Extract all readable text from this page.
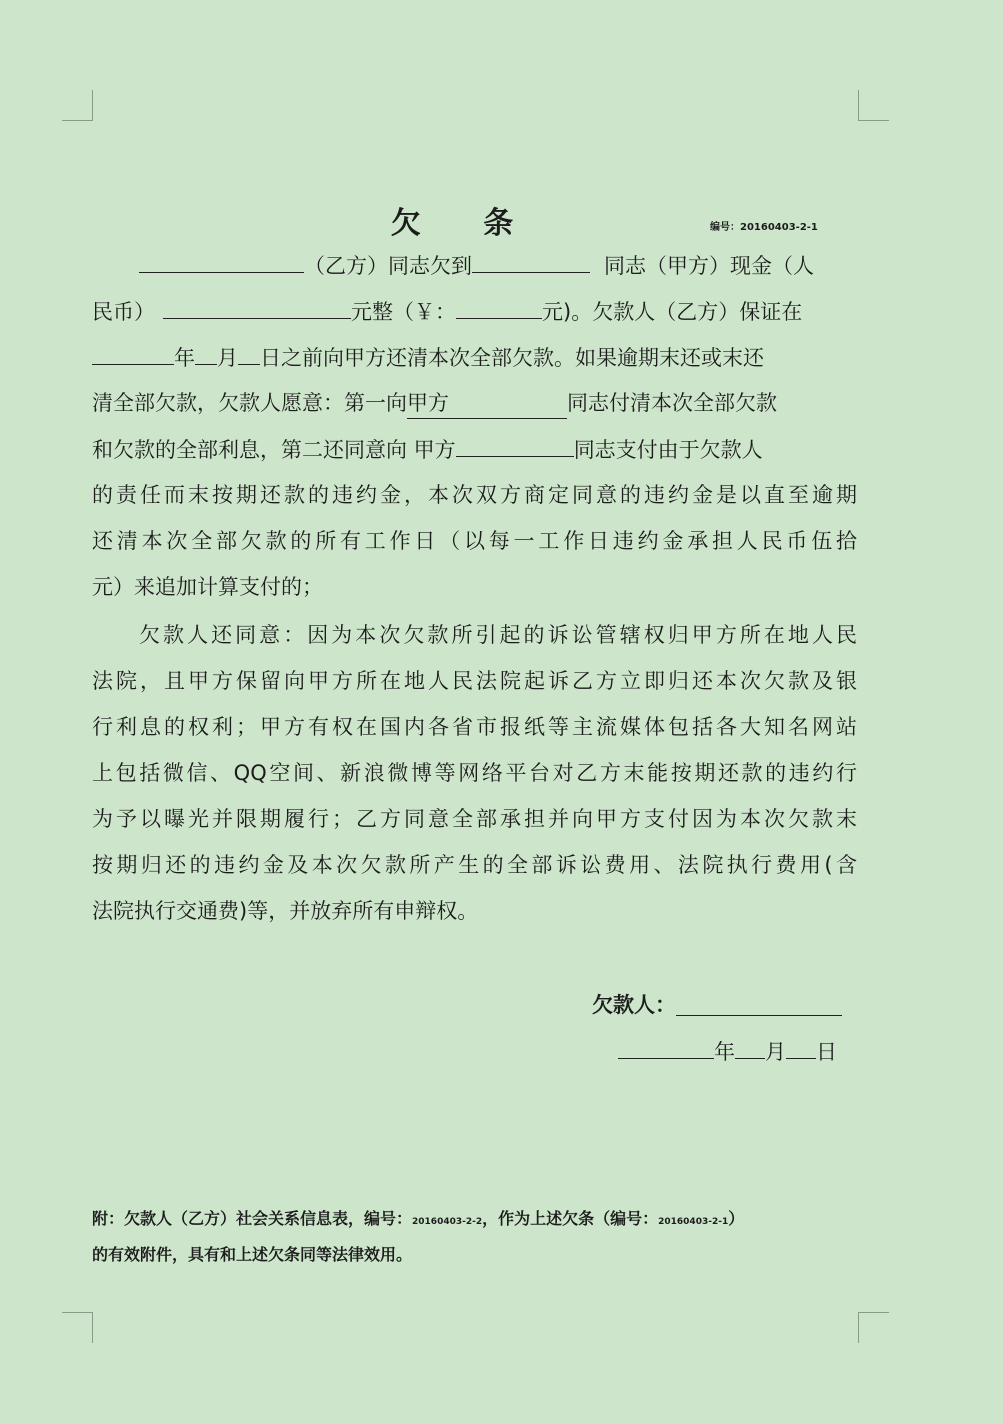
欠 条	编号：20160403-2-1
（乙方）同志欠到	同志（甲方）现金（人
民币）	元整（￥：	元)。欠款人（乙方）保证在
年 月 日之前向甲方还清本次全部欠款。如果逾期末还或末还
清全部欠款，欠款人愿意：第一向甲方	同志付清本次全部欠款
和欠款的全部利息，第二还同意向 甲方	同志支付由于欠款人
的责任而末按期还款的违约金，本次双方商定同意的违约金是以直至逾期
还清本次全部欠款的所有工作日（以每一工作日违约金承担人民币伍拾
元）来追加计算支付的；
欠款人还同意：因为本次欠款所引起的诉讼管辖权归甲方所在地人民
法院，且甲方保留向甲方所在地人民法院起诉乙方立即归还本次欠款及银
行利息的权利；甲方有权在国内各省市报纸等主流媒体包括各大知名网站
上包括微信、QQ空间、新浪微博等网络平台对乙方末能按期还款的违约行
为予以曝光并限期履行；乙方同意全部承担并向甲方支付因为本次欠款末
按期归还的违约金及本次欠款所产生的全部诉讼费用、法院执行费用(含
法院执行交通费)等，并放弃所有申辩权。
欠款人：
年 月 日
附：欠款人（乙方）社会关系信息表，编号：20160403-2-2，作为上述欠条（编号：20160403-2-1）
的有效附件，具有和上述欠条同等法律效用。
